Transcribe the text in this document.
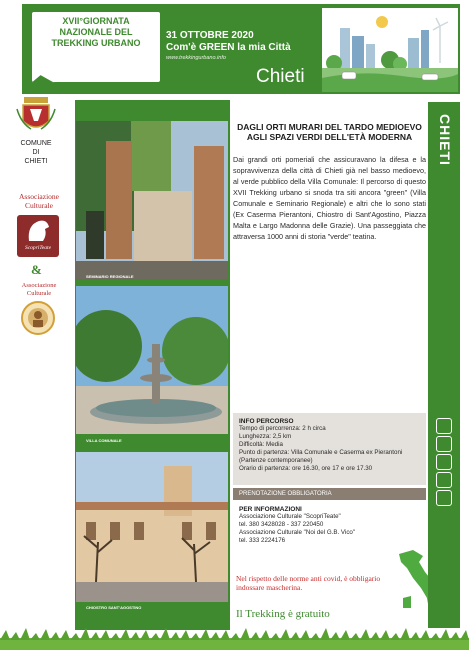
XVII°GIORNATA
NAZIONALE DEL
TREKKING URBANO
31 OTTOBRE 2020
Com'è GREEN la mia Città
www.trekkingurbano.info
Chieti
COMUNE
DI
CHIETI
Associazione
Culturale
ScopriTeate
&
Associazione
Culturale
SEMINARIO REGIONALE
VILLA COMUNALE
CHIOSTRO SANT'AGOSTINO
DAGLI ORTI MURARI DEL TARDO MEDIOEVO AGLI SPAZI VERDI DELL'ETÀ MODERNA
Dai grandi orti pomeriali che assicuravano la difesa e la sopravvivenza della città di Chieti già nel basso medioevo, al verde pubblico della Villa Comunale: Il percorso di questo XVII Trekking urbano si snoda tra siti ancora "green" (Villa Comunale e Seminario Regionale) e altri che lo sono stati (Ex Caserma Pierantoni, Chiostro di Sant'Agostino, Piazza Malta e Largo Madonna delle Grazie). Una passeggiata che attraversa 1000 anni di storia "verde" teatina.
INFO PERCORSO
Tempo di percorrenza: 2 h circa
Lunghezza: 2,5 km
Difficoltà: Media
Punto di partenza: Villa Comunale e Caserma ex Pierantoni
(Partenze contemporanee)
Orario di partenza: ore 16.30, ore 17 e ore 17.30
PRENOTAZIONE OBBLIGATORIA
PER INFORMAZIONI
Associazione Culturale "ScopriTeate"
tel. 380 3428028 - 337 220450
Associazione Culturale "Noi del G.B. Vico"
tel. 333 2224176
Nel rispetto delle norme anti covid, è obbligario indossare mascherina.
Il Trekking è gratuito
CHIETI
